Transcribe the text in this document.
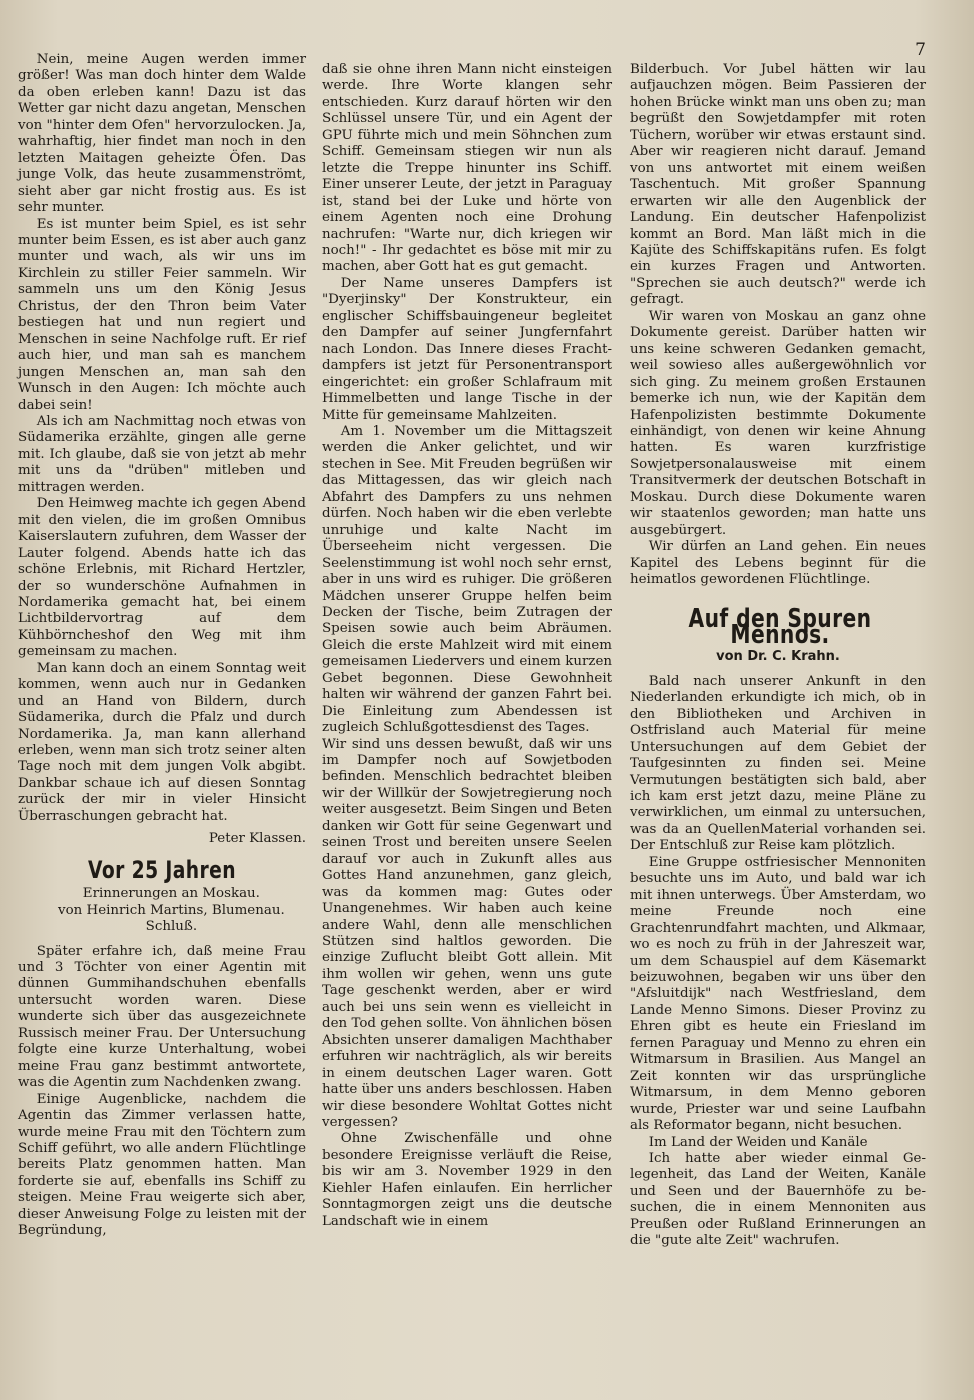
7

Nein, meine Augen werden immer größer! Was man doch hinter dem Walde da oben erleben kann! Dazu ist das Wetter gar nicht dazu angetan, Menschen von "hinter dem Ofen" hervorzulocken. Ja, wahrhaftig, hier findet man noch in den letzten Maitagen geheizte Öfen. Das junge Volk, das heute zusammenströmt, sieht aber gar nicht frostig aus. Es ist sehr munter.

Es ist munter beim Spiel, es ist sehr munter beim Essen, es ist aber auch ganz munter und wach, als wir uns im Kirchlein zu stiller Feier sammeln. Wir sammeln uns um den König Jesus Christus, der den Thron beim Vater bestiegen hat und nun regiert und Menschen in seine Nachfolge ruft. Er rief auch hier, und man sah es manchem jungen Menschen an, man sah den Wunsch in den Augen: Ich möchte auch dabei sein!

Als ich am Nachmittag noch etwas von Südamerika erzählte, gingen alle gerne mit. Ich glaube, daß sie von jetzt ab mehr mit uns da "drüben" mitleben und mittragen werden.

Den Heimweg machte ich gegen Abend mit den vielen, die im großen Omnibus Kaiserslautern zufuhren, dem Wasser der Lauter folgend. Abends hatte ich das schöne Erlebnis, mit Richard Hertzler, der so wunderschöne Aufnahmen in Nordamerika gemacht hat, bei einem Lichtbildervortrag auf dem Kühbörncheshof den Weg mit ihm gemeinsam zu machen.

Man kann doch an einem Sonntag weit kommen, wenn auch nur in Gedanken und an Hand von Bildern, durch Südamerika, durch die Pfalz und durch Nordamerika. Ja, man kann allerhand erleben, wenn man sich trotz seiner alten Tage noch mit dem jungen Volk abgibt. Dankbar schaue ich auf diesen Sonntag zurück der mir in vieler Hinsicht Überraschungen gebracht hat.

Peter Klassen.
Vor 25 Jahren

Erinnerungen an Moskau.

von Heinrich Martins, Blumenau.

Schluß.

Später erfahre ich, daß meine Frau und 3 Töchter von einer Agentin mit dünnen Gummihandschuhen ebenfalls untersucht worden waren. Diese wunderte sich über das ausgezeichnete Russisch meiner Frau. Der Untersuchung folgte eine kurze Unterhaltung, wobei meine Frau ganz bestimmt antwortete, was die Agentin zum Nachdenken zwang.

Einige Augenblicke, nachdem die Agentin das Zimmer verlassen hatte, wurde meine Frau mit den Töchtern zum Schiff geführt, wo alle andern Flüchtlinge bereits Platz genommen hatten. Man forderte sie auf, ebenfalls ins Schiff zu steigen. Meine Frau weigerte sich aber, dieser Anweisung Folge zu leisten mit der Begründung,

daß sie ohne ihren Mann nicht einsteigen werde. Ihre Worte klangen sehr entschieden. Kurz darauf hörten wir den Schlüssel unsere Tür, und ein Agent der GPU führte mich und mein Söhnchen zum Schiff. Gemeinsam stiegen wir nun als letzte die Treppe hinunter ins Schiff. Einer unserer Leute, der jetzt in Paraguay ist, stand bei der Luke und hörte von einem Agenten noch eine Drohung nachrufen: "Warte nur, dich kriegen wir noch!" - Ihr gedachtet es böse mit mir zu machen, aber Gott hat es gut gemacht.

Der Name unseres Dampfers ist "Dyerjinsky" Der Konstrukteur, ein englischer Schiffsbauingeneur begleitet den Dampfer auf seiner Jungfernfahrt nach London. Das Innere dieses Frachtdampfers ist jetzt für Personentransport eingerichtet: ein großer Schlafraum mit Himmelbetten und lange Tische in der Mitte für gemeinsame Mahlzeiten.

Am 1. November um die Mittagszeit werden die Anker gelichtet, und wir stechen in See. Mit Freuden begrüßen wir das Mittagessen, das wir gleich nach Abfahrt des Dampfers zu uns nehmen dürfen. Noch haben wir die eben verlebte unruhige und kalte Nacht im Überseeheim nicht vergessen. Die Seelenstimmung ist wohl noch sehr ernst, aber in uns wird es ruhiger. Die größeren Mädchen unserer Gruppe helfen beim Decken der Tische, beim Zutragen der Speisen sowie auch beim Abräumen. Gleich die erste Mahlzeit wird mit einem gemeisamen Liedervers und einem kurzen Gebet begonnen. Diese Gewohnheit halten wir während der ganzen Fahrt bei. Die Einleitung zum Abendessen ist zugleich Schlußgottesdienst des Tages.

Wir sind uns dessen bewußt, daß wir uns im Dampfer noch auf Sowjetboden befinden. Menschlich bedrachtet bleiben wir der Willkür der Sowjetregierung noch weiter ausgesetzt. Beim Singen und Beten danken wir Gott für seine Gegenwart und seinen Trost und bereiten unsere Seelen darauf vor auch in Zukunft alles aus Gottes Hand anzunehmen, ganz gleich, was da kommen mag: Gutes oder Unangenehmes. Wir haben auch keine andere Wahl, denn alle menschlichen Stützen sind haltlos geworden. Die einzige Zuflucht bleibt Gott allein. Mit ihm wollen wir gehen, wenn uns gute Tage geschenkt werden, aber er wird auch bei uns sein wenn es vielleicht in den Tod gehen sollte. Von ähnlichen bösen Absichten unserer damaligen Machthaber erfuhren wir nachträglich, als wir bereits in einem deutschen Lager waren. Gott hatte über uns anders beschlossen. Haben wir diese besondere Wohltat Gottes nicht vergessen?

Ohne Zwischenfälle und ohne besondere Ereignisse verläuft die Reise, bis wir am 3. November 1929 in den Kiehler Hafen einlaufen. Ein herrlicher Sonntagmorgen zeigt uns die deutsche Landschaft wie in einem

Bilderbuch. Vor Jubel hätten wir lau aufjauchzen mögen. Beim Passieren der hohen Brücke winkt man uns oben zu; man begrüßt den Sowjetdampfer mit roten Tüchern, worüber wir etwas erstaunt sind. Aber wir reagieren nicht darauf. Jemand von uns antwortet mit einem weißen Taschentuch. Mit großer Spannung erwarten wir alle den Augenblick der Landung. Ein deutscher Hafenpolizist kommt an Bord. Man läßt mich in die Kajüte des Schiffskapitäns rufen. Es folgt ein kurzes Fragen und Antworten. "Sprechen sie auch deutsch?" werde ich gefragt.

Wir waren von Moskau an ganz ohne Dokumente gereist. Darüber hatten wir uns keine schweren Gedanken gemacht, weil sowieso alles außergewöhnlich vor sich ging. Zu meinem großen Erstaunen bemerke ich nun, wie der Kapitän dem Hafenpolizisten bestimmte Dokumente einhändigt, von denen wir keine Ahnung hatten. Es waren kurzfristige Sowjetpersonalausweise mit einem Transitvermerk der deutschen Botschaft in Moskau. Durch diese Dokumente waren wir staatenlos geworden; man hatte uns ausgebürgert.

Wir dürfen an Land gehen. Ein neues Kapitel des Lebens beginnt für die heimatlos gewordenen Flüchtlinge.

Auf den Spuren Mennos.
von Dr. C. Krahn.

Bald nach unserer Ankunft in den Niederlanden erkundigte ich mich, ob in den Bibliotheken und Archiven in Ostfrisland auch Material für meine Untersuchungen auf dem Gebiet der Taufgesinnten zu finden sei. Meine Vermutungen bestätigten sich bald, aber ich kam erst jetzt dazu, meine Pläne zu verwirklichen, um einmal zu untersuchen, was da an QuellenMaterial vorhanden sei. Der Entschluß zur Reise kam plötzlich.

Eine Gruppe ostfriesischer Mennoniten besuchte uns im Auto, und bald war ich mit ihnen unterwegs. Über Amsterdam, wo meine Freunde noch eine Grachtenrundfahrt machten, und Alkmaar, wo es noch zu früh in der Jahreszeit war, um dem Schauspiel auf dem Käsemarkt beizuwohnen, begaben wir uns über den "Afsluitdijk" nach Westfriesland, dem Lande Menno Simons. Dieser Provinz zu Ehren gibt es heute ein Friesland im fernen Paraguay und Menno zu ehren ein Witmarsum in Brasilien. Aus Mangel an Zeit konnten wir das ursprüngliche Witmarsum, in dem Menno geboren wurde, Priester war und seine Laufbahn als Reformator begann, nicht besuchen.

Im Land der Weiden und Kanäle

Ich hatte aber wieder einmal Gelegenheit, das Land der Weiten, Kanäle und Seen und der Bauernhöfe zu besuchen, die in einem Mennoniten aus Preußen oder Rußland Erinnerungen an die "gute alte Zeit" wachrufen.
